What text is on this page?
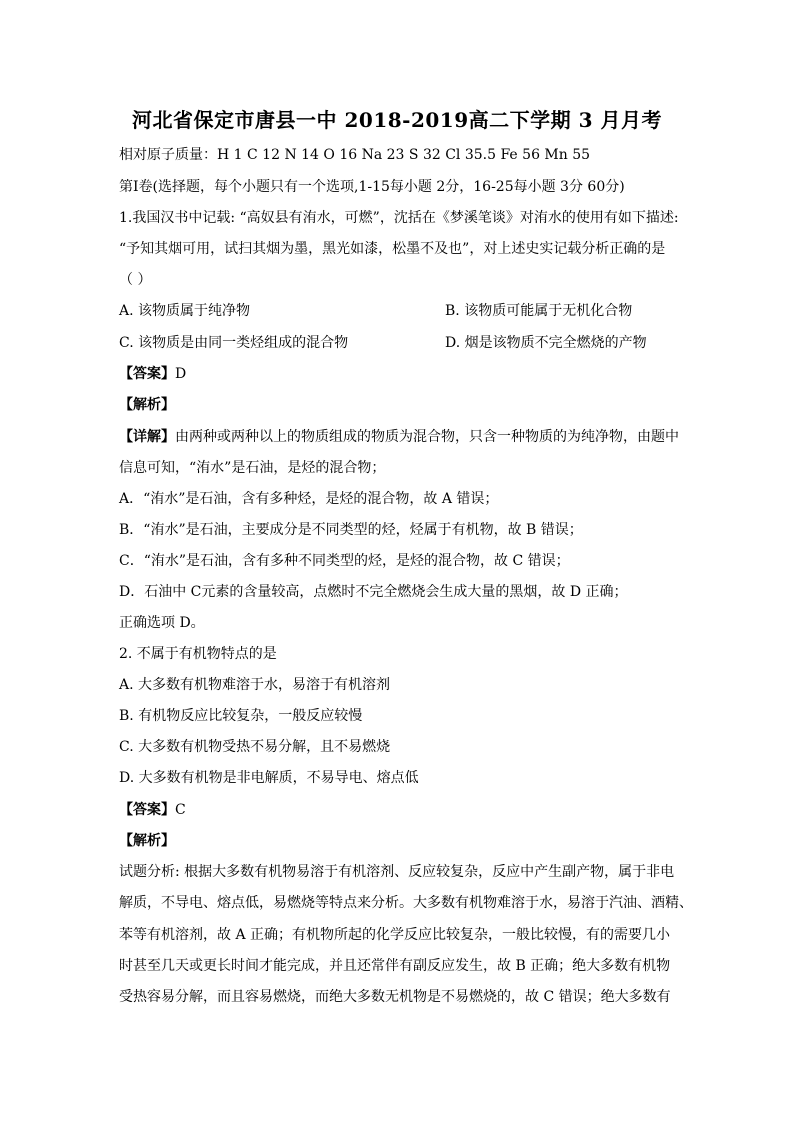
河北省保定市唐县一中 2018-2019高二下学期 3 月月考
相对原子质量：H 1 C 12 N 14 O 16 Na 23 S 32 Cl 35.5 Fe 56 Mn 55
第Ⅰ卷(选择题，每个小题只有一个选项,1-15每小题 2分，16-25每小题 3分 60分)
1.我国汉书中记载: “高奴县有洧水，可燃”，沈括在《梦溪笔谈》对洧水的使用有如下描述:
“予知其烟可用，试扫其烟为墨，黑光如漆，松墨不及也”，对上述史实记载分析正确的是
（ ）
A. 该物质属于纯净物	B. 该物质可能属于无机化合物
C. 该物质是由同一类烃组成的混合物	D. 烟是该物质不完全燃烧的产物
【答案】D
【解析】
【详解】由两种或两种以上的物质组成的物质为混合物，只含一种物质的为纯净物，由题中
信息可知，“洧水”是石油，是烃的混合物；
A．“洧水”是石油，含有多种烃，是烃的混合物，故 A 错误；
B．“洧水”是石油，主要成分是不同类型的烃，烃属于有机物，故 B 错误；
C．“洧水”是石油，含有多种不同类型的烃，是烃的混合物，故 C 错误；
D．石油中 C元素的含量较高，点燃时不完全燃烧会生成大量的黑烟，故 D 正确；
正确选项 D。
2. 不属于有机物特点的是
A. 大多数有机物难溶于水，易溶于有机溶剂
B. 有机物反应比较复杂，一般反应较慢
C. 大多数有机物受热不易分解，且不易燃烧
D. 大多数有机物是非电解质，不易导电、熔点低
【答案】C
【解析】
试题分析: 根据大多数有机物易溶于有机溶剂、反应较复杂，反应中产生副产物，属于非电
解质，不导电、熔点低，易燃烧等特点来分析。大多数有机物难溶于水，易溶于汽油、酒精、
苯等有机溶剂，故 A 正确；有机物所起的化学反应比较复杂，一般比较慢，有的需要几小
时甚至几天或更长时间才能完成，并且还常伴有副反应发生，故 B 正确；绝大多数有机物
受热容易分解，而且容易燃烧，而绝大多数无机物是不易燃烧的，故 C 错误；绝大多数有
